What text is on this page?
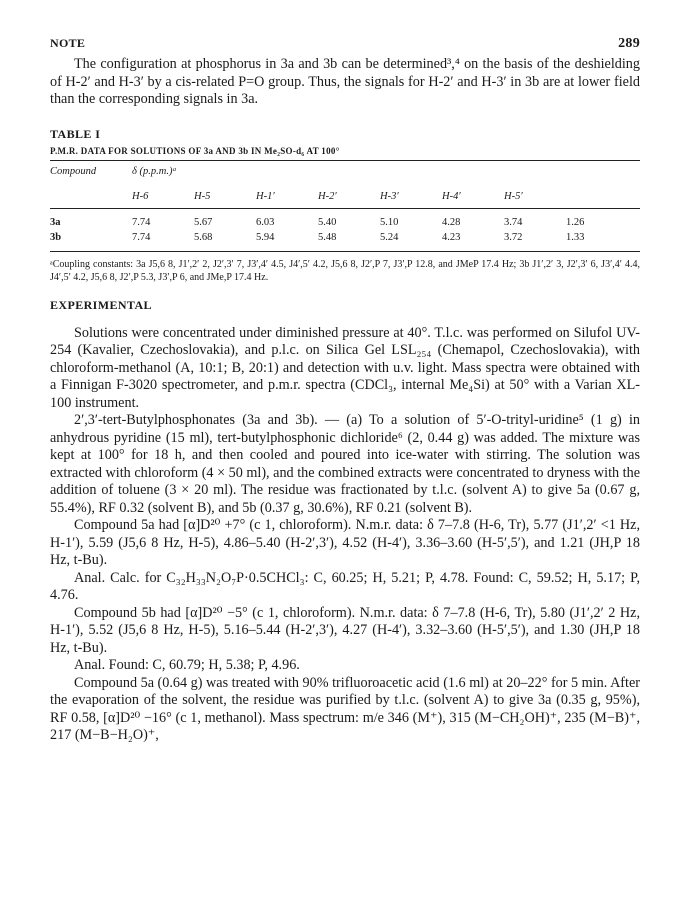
NOTE	289

The configuration at phosphorus in 3a and 3b can be determined³,⁴ on the basis of the deshielding of H-2′ and H-3′ by a cis-related P=O group. Thus, the signals for H-2′ and H-3′ in 3b are at lower field than the corresponding signals in 3a.

TABLE I
P.M.R. DATA FOR SOLUTIONS OF 3a AND 3b IN Me₂SO-d₆ AT 100°
Compound	δ (p.p.m.)ᵃ							
	H-6	H-5	H-1′	H-2′	H-3′	H-4′	H-5′	

3a	7.74	5.67	6.03	5.40	5.10	4.28	3.74	1.26
3b	7.74	5.68	5.94	5.48	5.24	4.23	3.72	1.33
ᵃCoupling constants: 3a J5,6 8, J1′,2′ 2, J2′,3′ 7, J3′,4′ 4.5, J4′,5′ 4.2, J5,6 8, J2′,P 7, J3′,P 12.8, and JMeP 17.4 Hz; 3b J1′,2′ 3, J2′,3′ 6, J3′,4′ 4.4, J4′,5′ 4.2, J5,6 8, J2′,P 5.3, J3′,P 6, and JMe,P 17.4 Hz.
EXPERIMENTAL

Solutions were concentrated under diminished pressure at 40°. T.l.c. was performed on Silufol UV-254 (Kavalier, Czechoslovakia), and p.l.c. on Silica Gel LSL₂₅₄ (Chemapol, Czechoslovakia), with chloroform-methanol (A, 10:1; B, 20:1) and detection with u.v. light. Mass spectra were obtained with a Finnigan F-3020 spectrometer, and p.m.r. spectra (CDCl₃, internal Me₄Si) at 50° with a Varian XL-100 instrument.

2′,3′-tert-Butylphosphonates (3a and 3b). — (a) To a solution of 5′-O-trityl-uridine⁵ (1 g) in anhydrous pyridine (15 ml), tert-butylphosphonic dichloride⁶ (2, 0.44 g) was added. The mixture was kept at 100° for 18 h, and then cooled and poured into ice-water with stirring. The solution was extracted with chloroform (4 × 50 ml), and the combined extracts were concentrated to dryness with the addition of toluene (3 × 20 ml). The residue was fractionated by t.l.c. (solvent A) to give 5a (0.67 g, 55.4%), RF 0.32 (solvent B), and 5b (0.37 g, 30.6%), RF 0.21 (solvent B).

Compound 5a had [α]D²⁰ +7° (c 1, chloroform). N.m.r. data: δ 7–7.8 (H-6, Tr), 5.77 (J1′,2′ <1 Hz, H-1′), 5.59 (J5,6 8 Hz, H-5), 4.86–5.40 (H-2′,3′), 4.52 (H-4′), 3.36–3.60 (H-5′,5′), and 1.21 (JH,P 18 Hz, t-Bu).

Anal. Calc. for C₃₂H₃₃N₂O₇P·0.5CHCl₃: C, 60.25; H, 5.21; P, 4.78. Found: C, 59.52; H, 5.17; P, 4.76.

Compound 5b had [α]D²⁰ −5° (c 1, chloroform). N.m.r. data: δ 7–7.8 (H-6, Tr), 5.80 (J1′,2′ 2 Hz, H-1′), 5.52 (J5,6 8 Hz, H-5), 5.16–5.44 (H-2′,3′), 4.27 (H-4′), 3.32–3.60 (H-5′,5′), and 1.30 (JH,P 18 Hz, t-Bu).

Anal. Found: C, 60.79; H, 5.38; P, 4.96.

Compound 5a (0.64 g) was treated with 90% trifluoroacetic acid (1.6 ml) at 20–22° for 5 min. After the evaporation of the solvent, the residue was purified by t.l.c. (solvent A) to give 3a (0.35 g, 95%), RF 0.58, [α]D²⁰ −16° (c 1, methanol). Mass spectrum: m/e 346 (M⁺), 315 (M−CH₂OH)⁺, 235 (M−B)⁺, 217 (M−B−H₂O)⁺,
